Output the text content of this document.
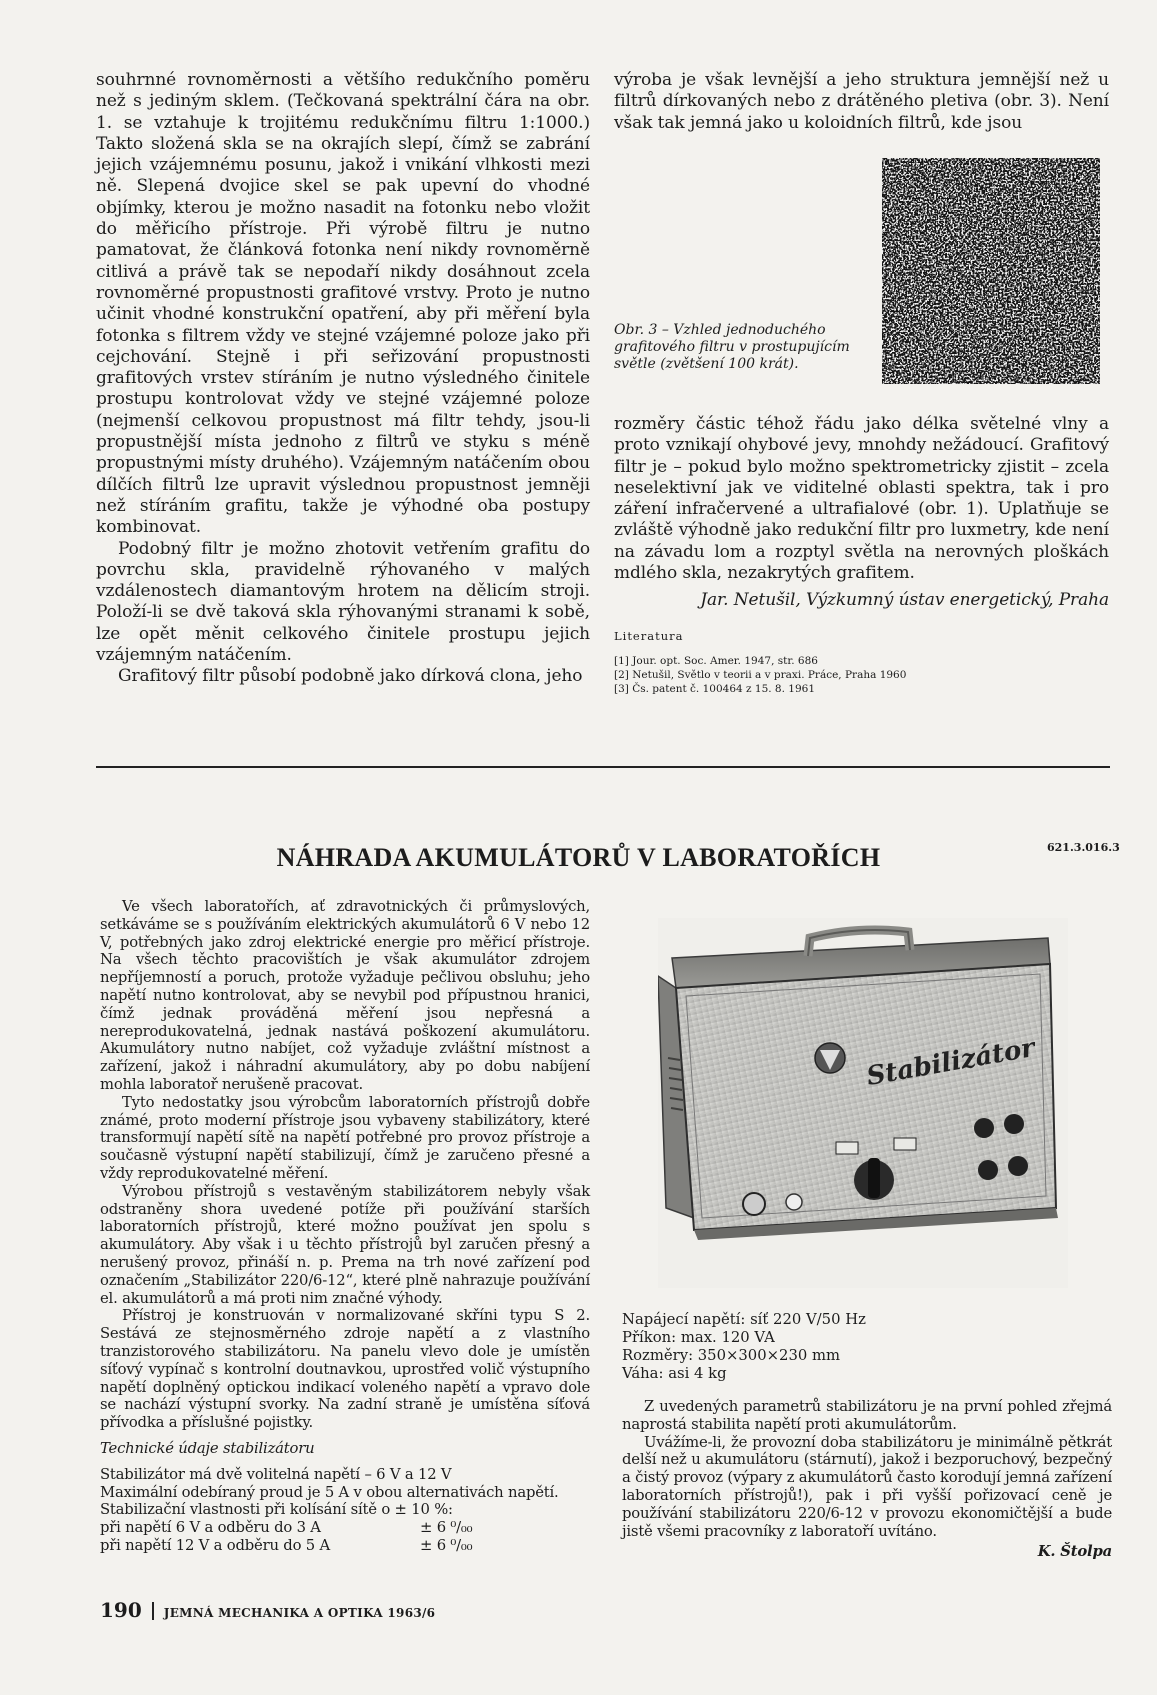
souhrnné rovnoměrnosti a většího redukčního poměru než s jediným sklem. (Tečkovaná spektrální čára na obr. 1. se vztahuje k trojitému redukčnímu filtru 1:1000.) Takto složená skla se na okrajích slepí, čímž se zabrání jejich vzájemnému posunu, jakož i vnikání vlhkosti mezi ně. Slepená dvojice skel se pak upevní do vhodné objímky, kterou je možno nasadit na fotonku nebo vložit do měřicího přístroje. Při výrobě filtru je nutno pamatovat, že článková fotonka není nikdy rovnoměrně citlivá a právě tak se nepodaří nikdy dosáhnout zcela rovnoměrné propustnosti grafitové vrstvy. Proto je nutno učinit vhodné konstrukční opatření, aby při měření byla fotonka s filtrem vždy ve stejné vzájemné poloze jako při cejchování. Stejně i při seřizování propustnosti grafitových vrstev stíráním je nutno výsledného činitele prostupu kontrolovat vždy ve stejné vzájemné poloze (nejmenší celkovou propustnost má filtr tehdy, jsou-li propustnější místa jednoho z filtrů ve styku s méně propustnými místy druhého). Vzájemným natáčením obou dílčích filtrů lze upravit výslednou propustnost jemněji než stíráním grafitu, takže je výhodné oba postupy kombinovat.

Podobný filtr je možno zhotovit vetřením grafitu do povrchu skla, pravidelně rýhovaného v malých vzdálenostech diamantovým hrotem na dělicím stroji. Položí-li se dvě taková skla rýhovanými stranami k sobě, lze opět měnit celkového činitele prostupu jejich vzájemným natáčením.

Grafitový filtr působí podobně jako dírková clona, jeho

výroba je však levnější a jeho struktura jemnější než u filtrů dírkovaných nebo z drátěného pletiva (obr. 3). Není však tak jemná jako u koloidních filtrů, kde jsou

Obr. 3 – Vzhled jednoduchého grafitového filtru v prostupujícím světle (zvětšení 100 krát).

rozměry částic téhož řádu jako délka světelné vlny a proto vznikají ohybové jevy, mnohdy nežádoucí. Grafitový filtr je – pokud bylo možno spektrometricky zjistit – zcela neselektivní jak ve viditelné oblasti spektra, tak i pro záření infračervené a ultrafialové (obr. 1). Uplatňuje se zvláště výhodně jako redukční filtr pro luxmetry, kde není na závadu lom a rozptyl světla na nerovných ploškách mdlého skla, nezakrytých grafitem.

Jar. Netušil, Výzkumný ústav energetický, Praha

Literatura
[1] Jour. opt. Soc. Amer. 1947, str. 686
[2] Netušil, Světlo v teorii a v praxi. Práce, Praha 1960
[3] Čs. patent č. 100464 z 15. 8. 1961
NÁHRADA AKUMULÁTORŮ V LABORATOŘÍCH	621.3.016.3

Ve všech laboratořích, ať zdravotnických či průmyslových, setkáváme se s používáním elektrických akumulátorů 6 V nebo 12 V, potřebných jako zdroj elektrické energie pro měřicí přístroje. Na všech těchto pracovištích je však akumulátor zdrojem nepříjemností a poruch, protože vyžaduje pečlivou obsluhu; jeho napětí nutno kontrolovat, aby se nevybil pod přípustnou hranici, čímž jednak prováděná měření jsou nepřesná a nereprodukovatelná, jednak nastává poškození akumulátoru. Akumulátory nutno nabíjet, což vyžaduje zvláštní místnost a zařízení, jakož i náhradní akumulátory, aby po dobu nabíjení mohla laboratoř nerušeně pracovat.

Tyto nedostatky jsou výrobcům laboratorních přístrojů dobře známé, proto moderní přístroje jsou vybaveny stabilizátory, které transformují napětí sítě na napětí potřebné pro provoz přístroje a současně výstupní napětí stabilizují, čímž je zaručeno přesné a vždy reprodukovatelné měření.

Výrobou přístrojů s vestavěným stabilizátorem nebyly však odstraněny shora uvedené potíže při používání starších laboratorních přístrojů, které možno používat jen spolu s akumulátory. Aby však i u těchto přístrojů byl zaručen přesný a nerušený provoz, přináší n. p. Prema na trh nové zařízení pod označením „Stabilizátor 220/6-12“, které plně nahrazuje používání el. akumulátorů a má proti nim značné výhody.

Přístroj je konstruován v normalizované skříni typu S 2. Sestává ze stejnosměrného zdroje napětí a z vlastního tranzistorového stabilizátoru. Na panelu vlevo dole je umístěn síťový vypínač s kontrolní doutnavkou, uprostřed volič výstupního napětí doplněný optickou indikací voleného napětí a vpravo dole se nachází výstupní svorky. Na zadní straně je umístěna síťová přívodka a příslušné pojistky.

Technické údaje stabilizátoru

Stabilizátor má dvě volitelná napětí – 6 V a 12 V
Maximální odebíraný proud je 5 A v obou alternativách napětí.
Stabilizační vlastnosti při kolísání sítě o ± 10 %:
při napětí 6 V a odběru do 3 A	± 6 ⁰/₀₀
při napětí 12 V a odběru do 5 A	± 6 ⁰/₀₀
Stabilizátor
Napájecí napětí: síť 220 V/50 Hz
Příkon: max. 120 VA
Rozměry: 350×300×230 mm
Váha: asi 4 kg

Z uvedených parametrů stabilizátoru je na první pohled zřejmá naprostá stabilita napětí proti akumulátorům.

Uvážíme-li, že provozní doba stabilizátoru je minimálně pětkrát delší než u akumulátoru (stárnutí), jakož i bezporuchový, bezpečný a čistý provoz (výpary z akumulátorů často korodují jemná zařízení laboratorních přístrojů!), pak i při vyšší pořizovací ceně je používání stabilizátoru 220/6-12 v provozu ekonomičtější a bude jistě všemi pracovníky z laboratoří uvítáno.

K. Štolpa

190 JEMNÁ MECHANIKA A OPTIKA 1963/6
